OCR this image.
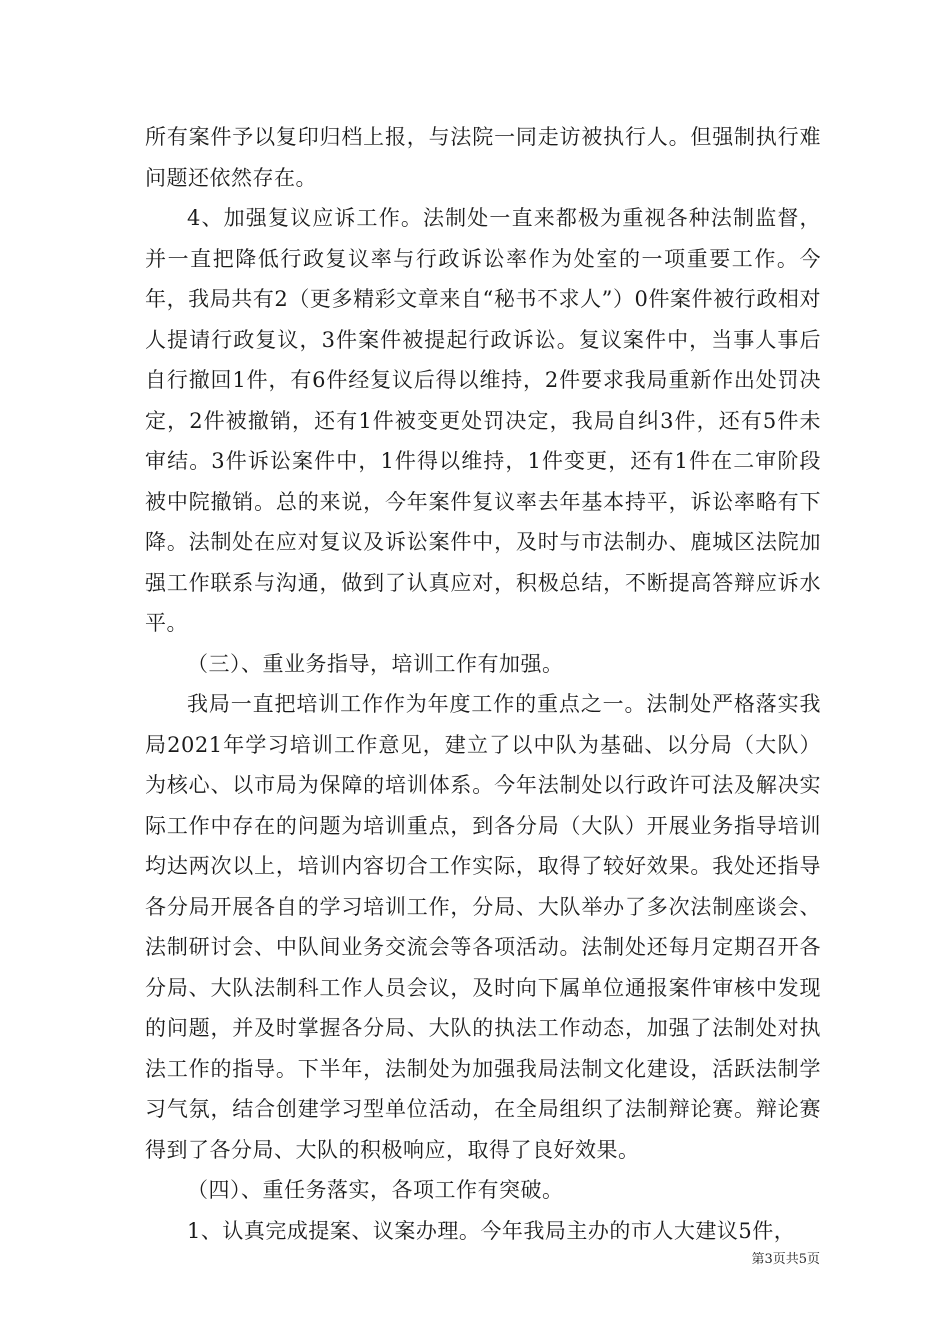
所有案件予以复印归档上报，与法院一同走访被执行人。但强制执行难问题还依然存在。

4、加强复议应诉工作。法制处一直来都极为重视各种法制监督，并一直把降低行政复议率与行政诉讼率作为处室的一项重要工作。今年，我局共有2（更多精彩文章来自“秘书不求人”）0件案件被行政相对人提请行政复议，3件案件被提起行政诉讼。复议案件中，当事人事后自行撤回1件，有6件经复议后得以维持，2件要求我局重新作出处罚决定，2件被撤销，还有1件被变更处罚决定，我局自纠3件，还有5件未审结。3件诉讼案件中，1件得以维持，1件变更，还有1件在二审阶段被中院撤销。总的来说，今年案件复议率去年基本持平，诉讼率略有下降。法制处在应对复议及诉讼案件中，及时与市法制办、鹿城区法院加强工作联系与沟通，做到了认真应对，积极总结，不断提高答辩应诉水平。

（三）、重业务指导，培训工作有加强。

我局一直把培训工作作为年度工作的重点之一。法制处严格落实我局2021年学习培训工作意见，建立了以中队为基础、以分局（大队）为核心、以市局为保障的培训体系。今年法制处以行政许可法及解决实际工作中存在的问题为培训重点，到各分局（大队）开展业务指导培训均达两次以上，培训内容切合工作实际，取得了较好效果。我处还指导各分局开展各自的学习培训工作，分局、大队举办了多次法制座谈会、法制研讨会、中队间业务交流会等各项活动。法制处还每月定期召开各分局、大队法制科工作人员会议，及时向下属单位通报案件审核中发现的问题，并及时掌握各分局、大队的执法工作动态，加强了法制处对执法工作的指导。下半年，法制处为加强我局法制文化建设，活跃法制学习气氛，结合创建学习型单位活动，在全局组织了法制辩论赛。辩论赛得到了各分局、大队的积极响应，取得了良好效果。

（四）、重任务落实，各项工作有突破。

1、认真完成提案、议案办理。今年我局主办的市人大建议5件，

第3页共5页
